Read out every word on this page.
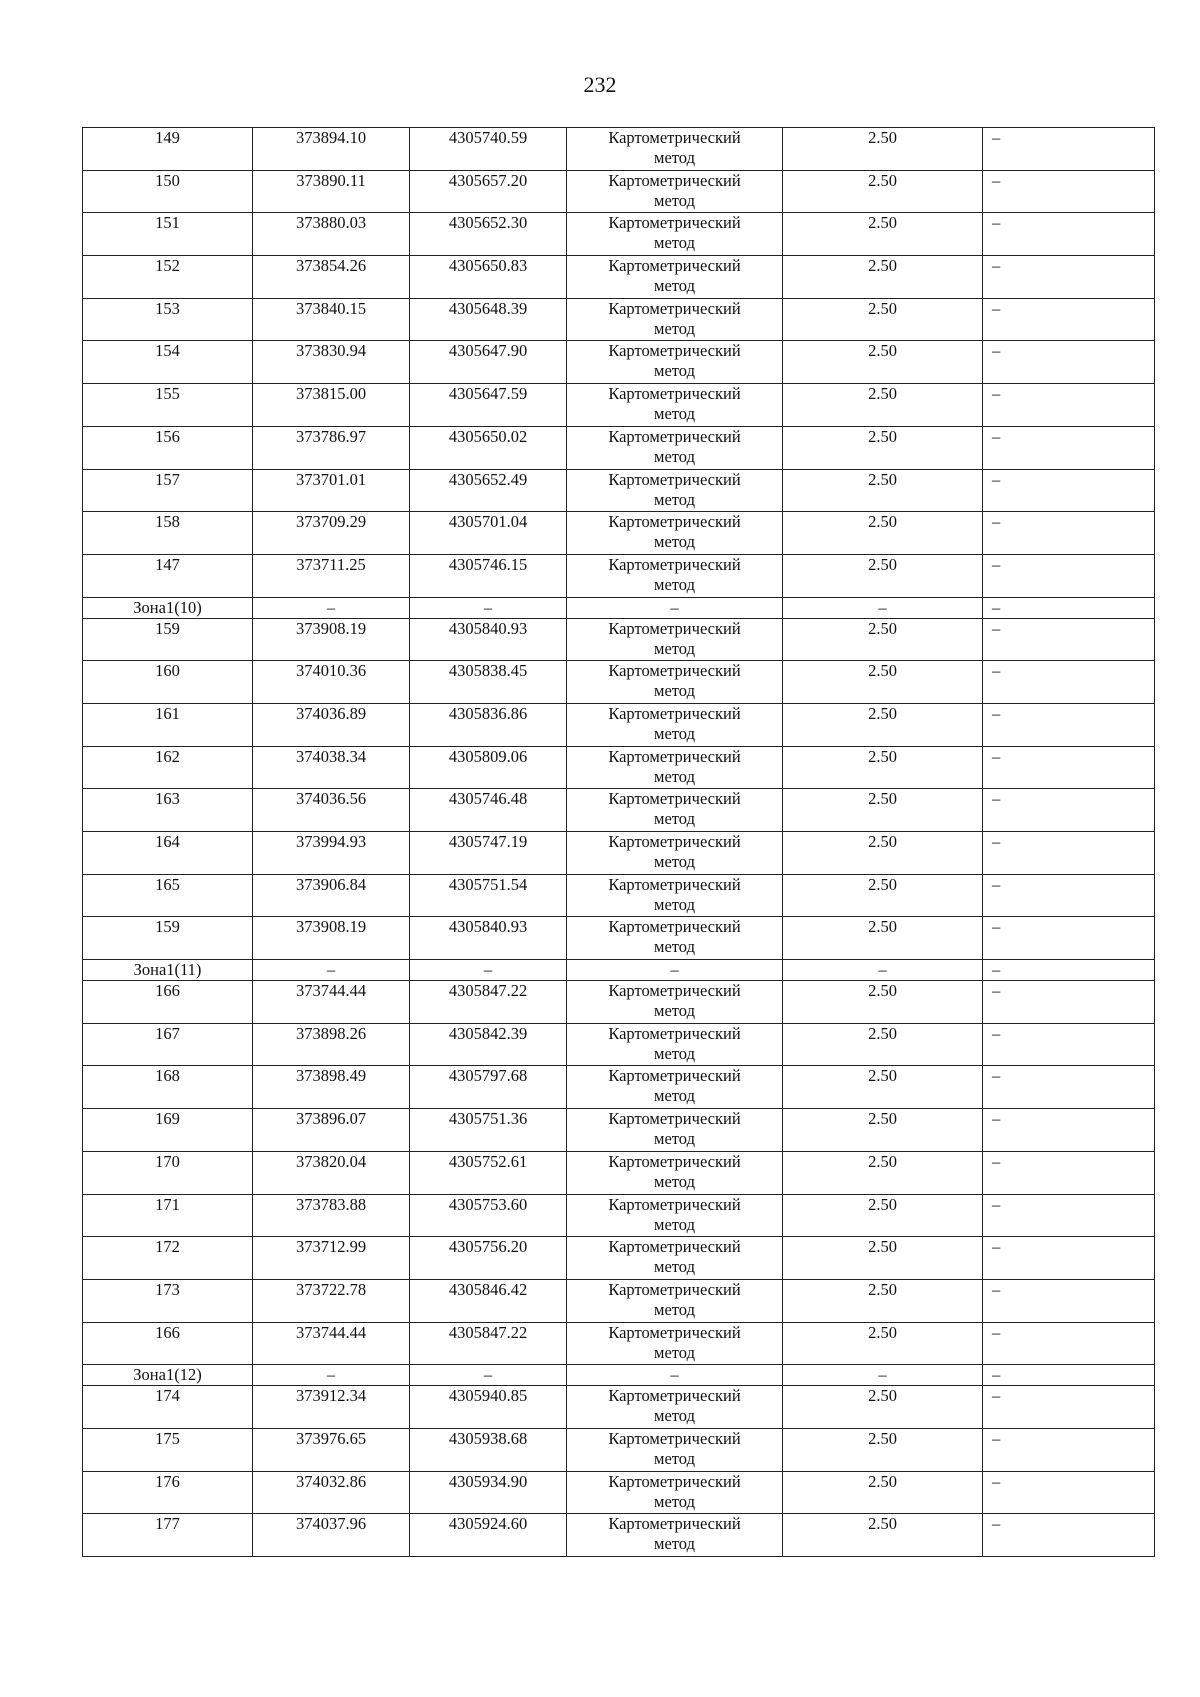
232
149	373894.10	4305740.59	Картометрический
метод	2.50	–
150	373890.11	4305657.20	Картометрический
метод	2.50	–
151	373880.03	4305652.30	Картометрический
метод	2.50	–
152	373854.26	4305650.83	Картометрический
метод	2.50	–
153	373840.15	4305648.39	Картометрический
метод	2.50	–
154	373830.94	4305647.90	Картометрический
метод	2.50	–
155	373815.00	4305647.59	Картометрический
метод	2.50	–
156	373786.97	4305650.02	Картометрический
метод	2.50	–
157	373701.01	4305652.49	Картометрический
метод	2.50	–
158	373709.29	4305701.04	Картометрический
метод	2.50	–
147	373711.25	4305746.15	Картометрический
метод	2.50	–
Зона1(10)	–	–	–	–	–
159	373908.19	4305840.93	Картометрический
метод	2.50	–
160	374010.36	4305838.45	Картометрический
метод	2.50	–
161	374036.89	4305836.86	Картометрический
метод	2.50	–
162	374038.34	4305809.06	Картометрический
метод	2.50	–
163	374036.56	4305746.48	Картометрический
метод	2.50	–
164	373994.93	4305747.19	Картометрический
метод	2.50	–
165	373906.84	4305751.54	Картометрический
метод	2.50	–
159	373908.19	4305840.93	Картометрический
метод	2.50	–
Зона1(11)	–	–	–	–	–
166	373744.44	4305847.22	Картометрический
метод	2.50	–
167	373898.26	4305842.39	Картометрический
метод	2.50	–
168	373898.49	4305797.68	Картометрический
метод	2.50	–
169	373896.07	4305751.36	Картометрический
метод	2.50	–
170	373820.04	4305752.61	Картометрический
метод	2.50	–
171	373783.88	4305753.60	Картометрический
метод	2.50	–
172	373712.99	4305756.20	Картометрический
метод	2.50	–
173	373722.78	4305846.42	Картометрический
метод	2.50	–
166	373744.44	4305847.22	Картометрический
метод	2.50	–
Зона1(12)	–	–	–	–	–
174	373912.34	4305940.85	Картометрический
метод	2.50	–
175	373976.65	4305938.68	Картометрический
метод	2.50	–
176	374032.86	4305934.90	Картометрический
метод	2.50	–
177	374037.96	4305924.60	Картометрический
метод	2.50	–
